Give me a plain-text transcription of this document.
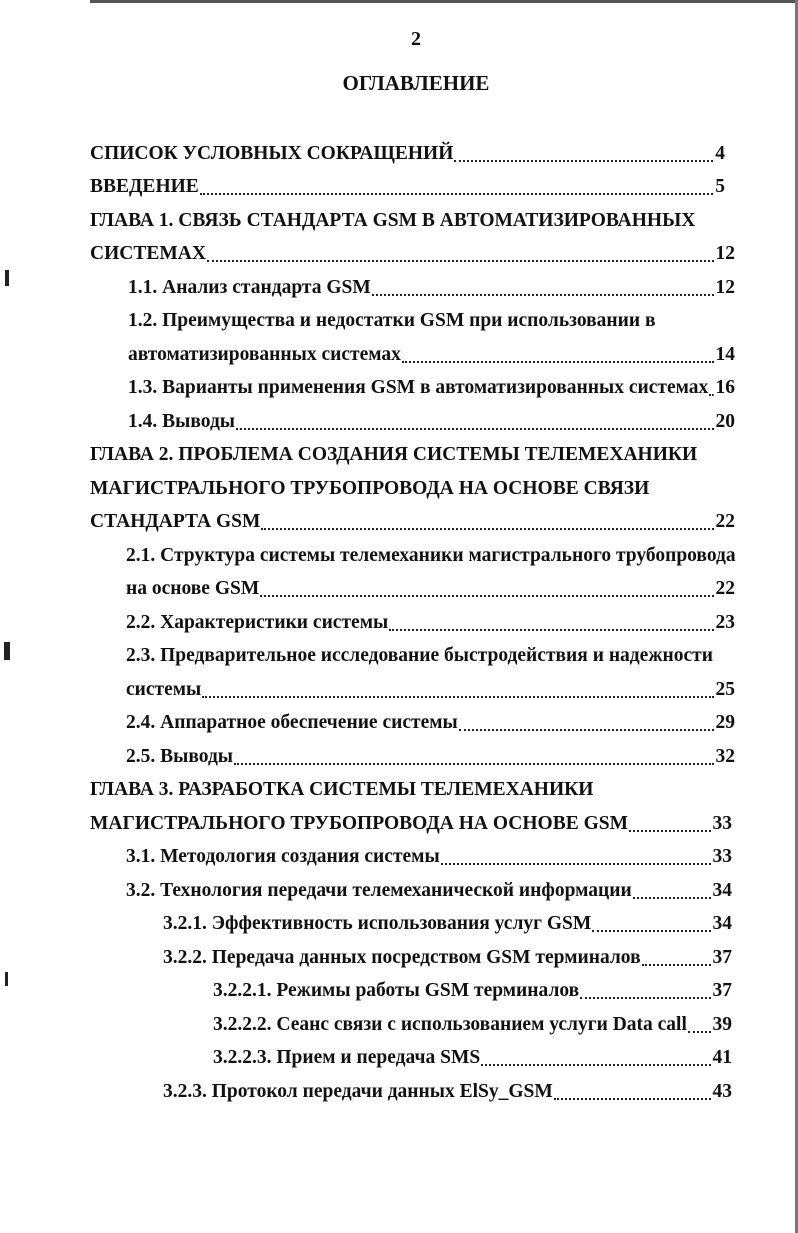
2
ОГЛАВЛЕНИЕ
СПИСОК УСЛОВНЫХ СОКРАЩЕНИЙ	4
ВВЕДЕНИЕ	5
ГЛАВА 1. СВЯЗЬ СТАНДАРТА GSM В АВТОМАТИЗИРОВАННЫХ
СИСТЕМАХ	12
1.1. Анализ стандарта GSM	12
1.2. Преимущества и недостатки GSM при использовании в
автоматизированных системах	14
1.3. Варианты применения GSM в автоматизированных системах 16
1.4. Выводы	20
ГЛАВА 2. ПРОБЛЕМА СОЗДАНИЯ СИСТЕМЫ ТЕЛЕМЕХАНИКИ
МАГИСТРАЛЬНОГО ТРУБОПРОВОДА НА ОСНОВЕ СВЯЗИ
СТАНДАРТА GSM	22
2.1. Структура системы телемеханики магистрального трубопровода
на основе GSM	22
2.2. Характеристики системы	23
2.3. Предварительное исследование быстродействия и надежности
системы	25
2.4. Аппаратное обеспечение системы	29
2.5. Выводы	32
ГЛАВА 3. РАЗРАБОТКА СИСТЕМЫ ТЕЛЕМЕХАНИКИ
МАГИСТРАЛЬНОГО ТРУБОПРОВОДА НА ОСНОВЕ GSM	33
3.1. Методология создания системы	33
3.2. Технология передачи телемеханической информации	34
3.2.1. Эффективность использования услуг GSM	34
3.2.2. Передача данных посредством GSM терминалов	37
3.2.2.1. Режимы работы GSM терминалов	37
3.2.2.2. Сеанс связи с использованием услуги Data call 39
3.2.2.3. Прием и передача SMS	41
3.2.3. Протокол передачи данных ElSy_GSM	43
